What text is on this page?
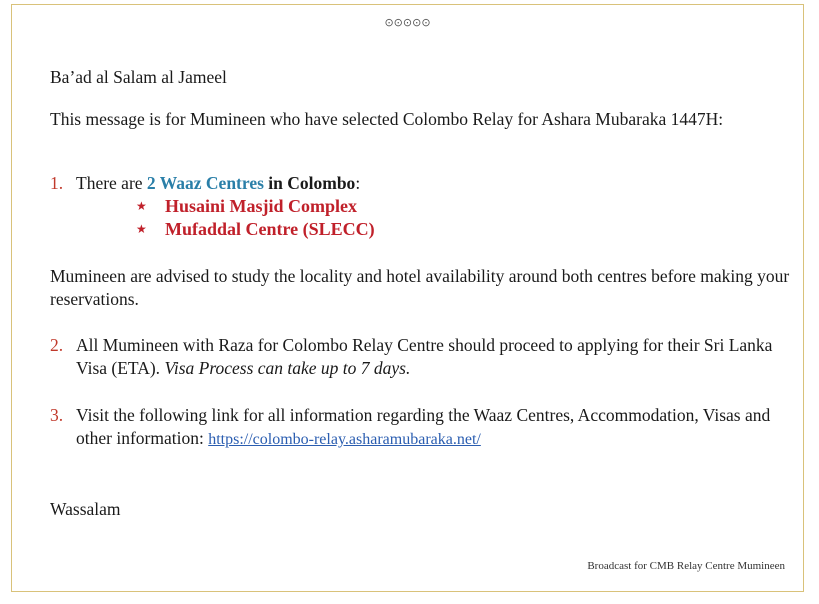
⊙⊙⊙⊙⊙
Ba’ad al Salam al Jameel
This message is for Mumineen who have selected Colombo Relay for Ashara Mubaraka 1447H:
1. There are 2 Waaz Centres in Colombo:
★ Husaini Masjid Complex
★ Mufaddal Centre (SLECC)
Mumineen are advised to study the locality and hotel availability around both centres before making your reservations.
2. All Mumineen with Raza for Colombo Relay Centre should proceed to applying for their Sri Lanka Visa (ETA). Visa Process can take up to 7 days.
3. Visit the following link for all information regarding the Waaz Centres, Accommodation, Visas and other information: https://colombo-relay.asharamubaraka.net/
Wassalam
Broadcast for CMB Relay Centre Mumineen
